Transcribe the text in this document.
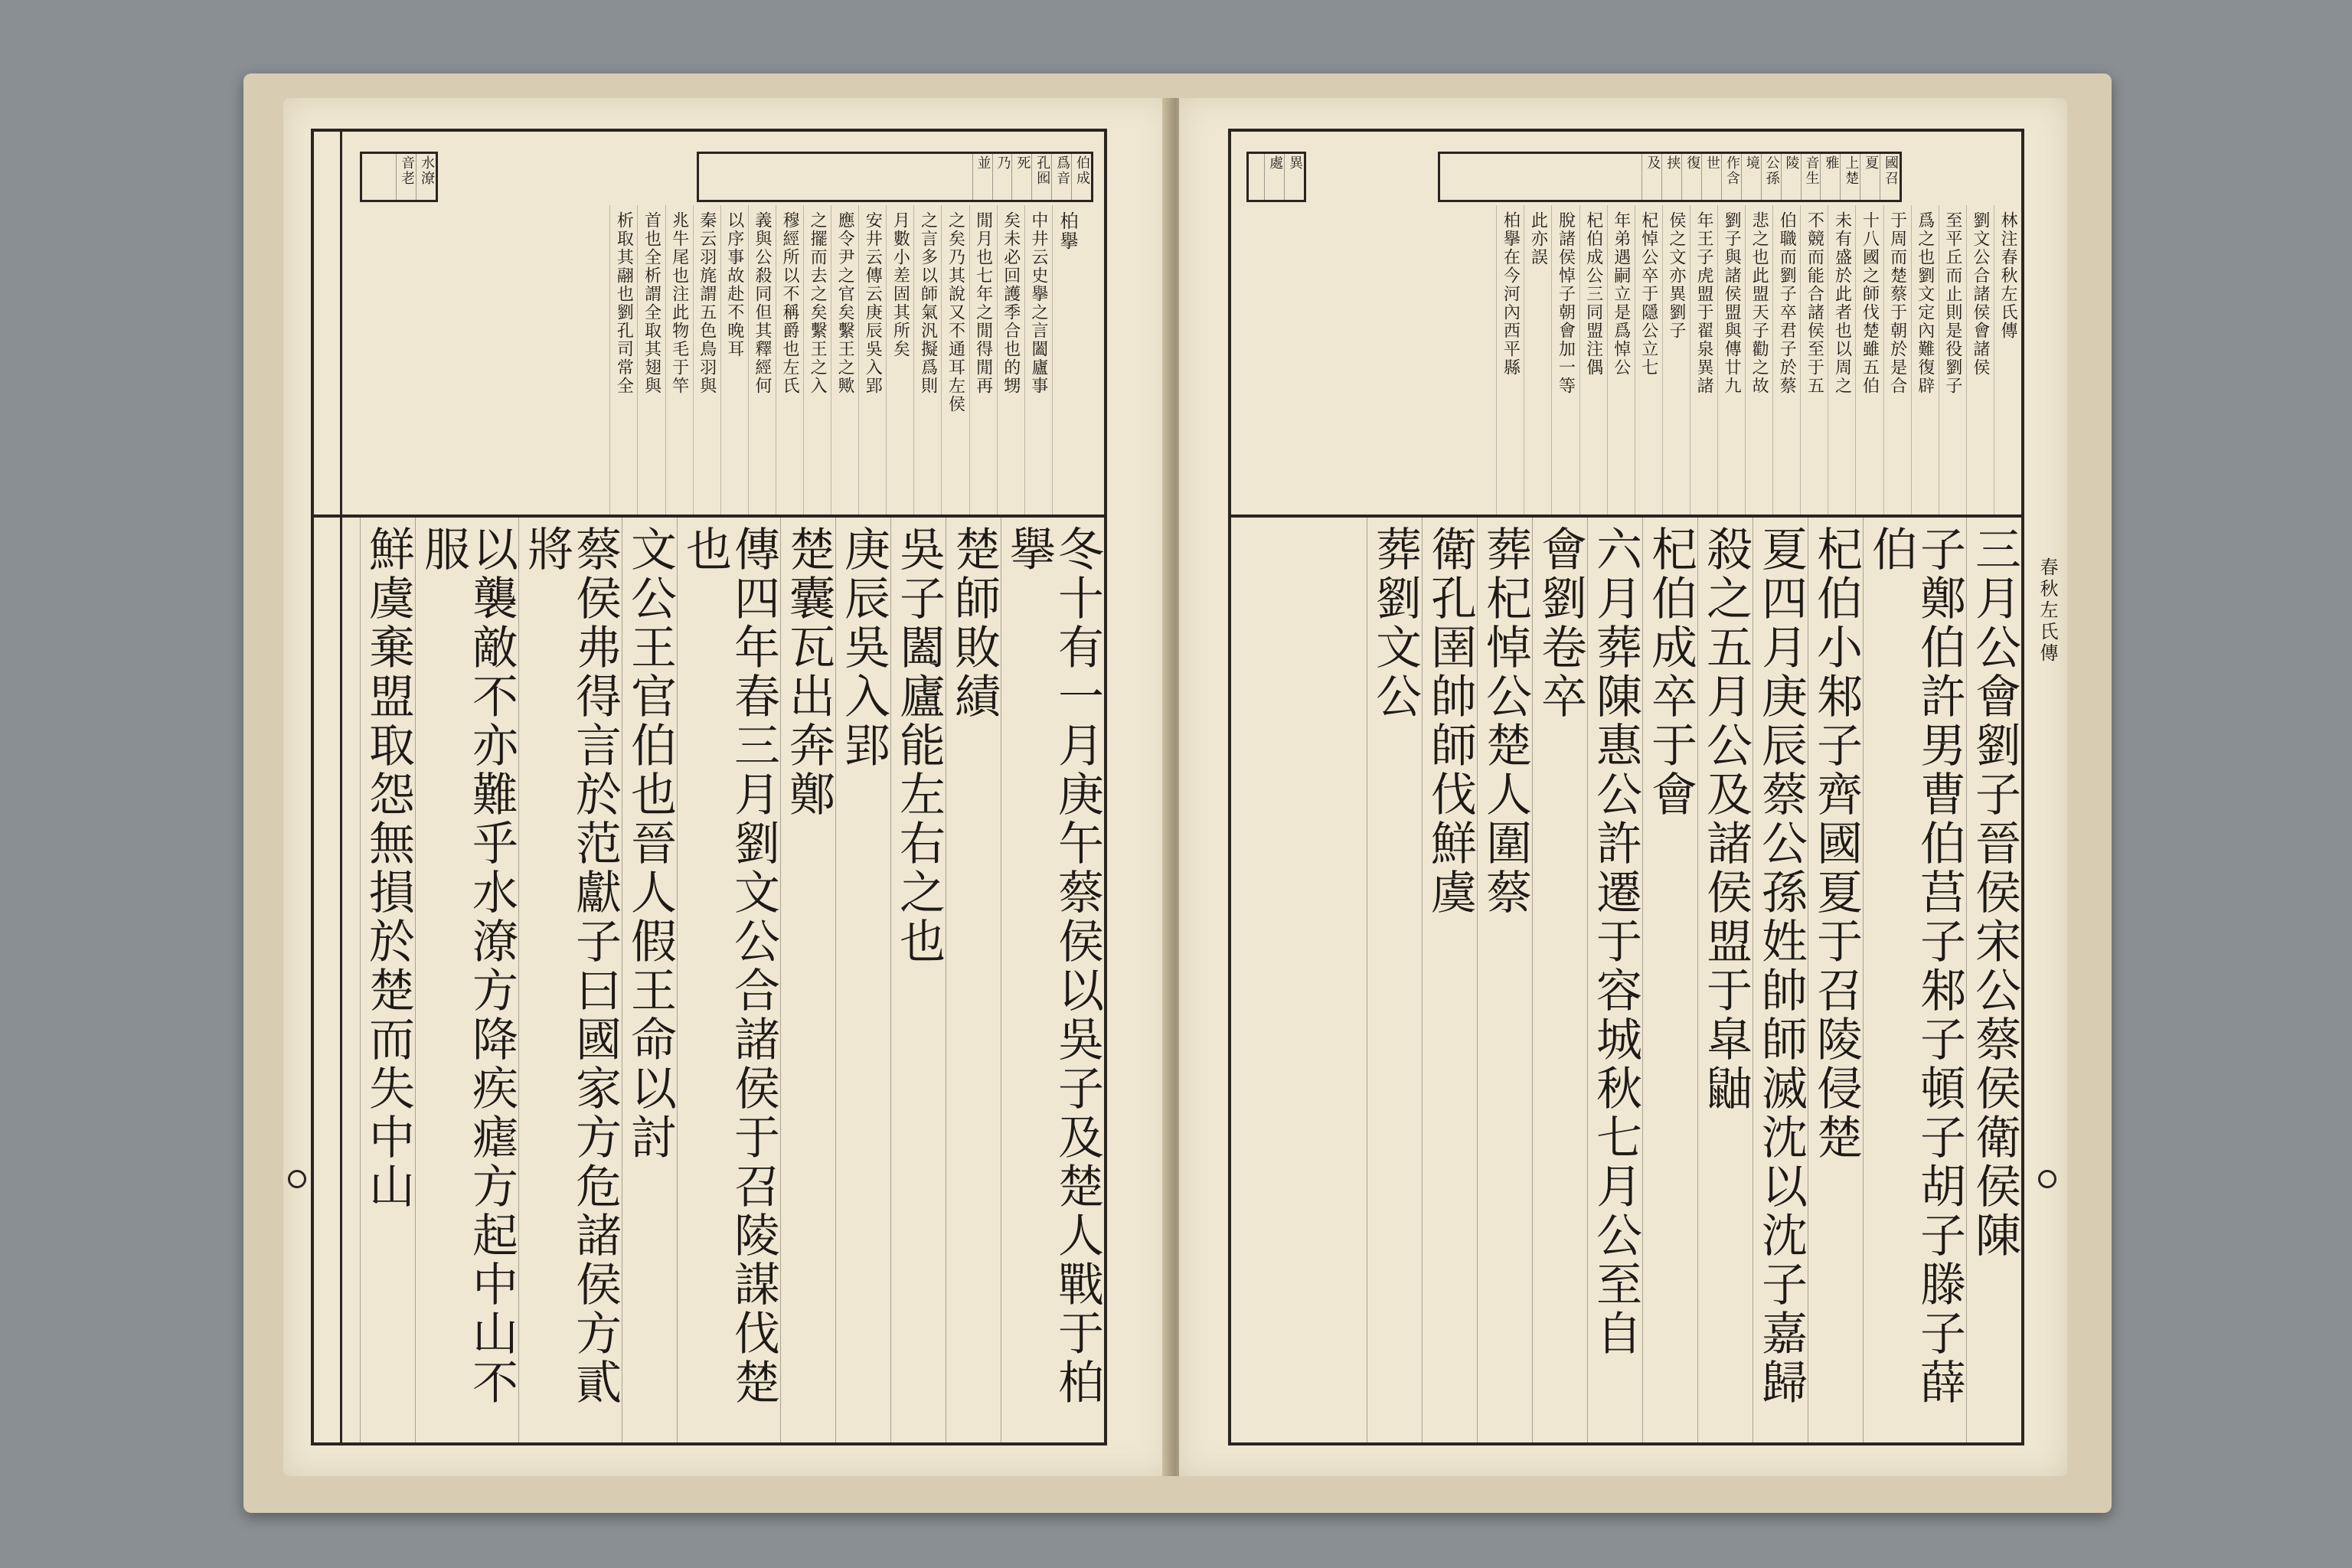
水潦
音老	伯成
爲音
孔囮
死
乃
並
柏擧
中井云史擧之言闔廬事
矣未必回護季合也的甥
閒月也七年之閒得閒再
之矣乃其說又不通耳左侯
之言多以師氣汎擬爲則
月數小差固其所矣
安井云傳云庚辰吳入郢
應令尹之官矣繫王之歟
之擺而去之矣繫王之入
穆經所以不稱爵也左氏
義與公殺同但其釋經何
以序事故赴不晚耳
秦云羽旄謂五色鳥羽與
兆牛尾也注此物毛于竿
首也全析謂全取其翅與
析取其翮也劉孔司常全
冬十有一月庚午蔡侯以吳子及楚人戰于柏擧
楚師敗績
吳子闔廬能左右之也
庚辰吳入郢
楚囊瓦出奔鄭
傳四年春三月劉文公合諸侯于召陵謀伐楚也
文公王官伯也晉人假王命以討
蔡侯弗得言於范獻子曰國家方危諸侯方貳將
以襲敵不亦難乎水潦方降疾瘧方起中山不服
鮮虞棄盟取怨無損於楚而失中山
異
處	國召
夏
上楚
雅
音生
陵
公孫
境
作含
世
復
挟
及
林注春秋左氏傳
劉文公合諸侯會諸侯
至平丘而止則是役劉子
爲之也劉文定內難復辟
于周而楚蔡于朝於是合
十八國之師伐楚雖五伯
未有盛於此者也以周之
不競而能合諸侯至于五
伯職而劉子卒君子於蔡
悲之也此盟天子勸之故
劉子與諸侯盟與傳廿九
年王子虎盟于翟泉異諸
侯之文亦異劉子
杞悼公卒于隱公立七
年弟遇嗣立是爲悼公
杞伯成公三同盟注偶
脫諸侯悼子朝會加一等
此亦誤
柏擧在今河內西平縣
三月公會劉子晉侯宋公蔡侯衛侯陳
子鄭伯許男曹伯莒子邾子頓子胡子滕子薛伯
杞伯小邾子齊國夏于召陵侵楚
夏四月庚辰蔡公孫姓帥師滅沈以沈子嘉歸
殺之五月公及諸侯盟于皐鼬
杞伯成卒于會
六月葬陳惠公許遷于容城秋七月公至自
會劉卷卒
葬杞悼公楚人圍蔡
衛孔圉帥師伐鮮虞
葬劉文公	春秋左氏傳
